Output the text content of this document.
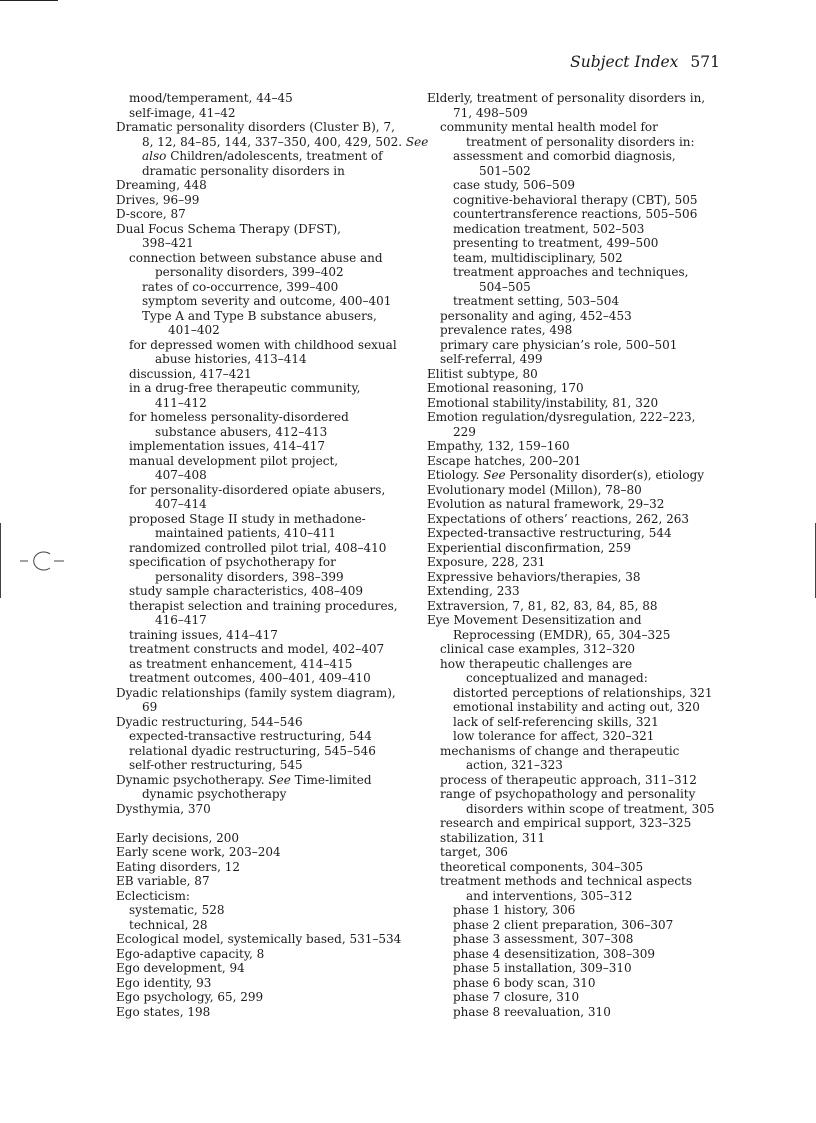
Subject Index 571
mood/temperament, 44–45
self-image, 41–42
Dramatic personality disorders (Cluster B), 7,
8, 12, 84–85, 144, 337–350, 400, 429, 502. See
also Children/adolescents, treatment of
dramatic personality disorders in
Dreaming, 448
Drives, 96–99
D-score, 87
Dual Focus Schema Therapy (DFST),
398–421
connection between substance abuse and
personality disorders, 399–402
rates of co-occurrence, 399–400
symptom severity and outcome, 400–401
Type A and Type B substance abusers,
401–402
for depressed women with childhood sexual
abuse histories, 413–414
discussion, 417–421
in a drug-free therapeutic community,
411–412
for homeless personality-disordered
substance abusers, 412–413
implementation issues, 414–417
manual development pilot project,
407–408
for personality-disordered opiate abusers,
407–414
proposed Stage II study in methadone-
maintained patients, 410–411
randomized controlled pilot trial, 408–410
specification of psychotherapy for
personality disorders, 398–399
study sample characteristics, 408–409
therapist selection and training procedures,
416–417
training issues, 414–417
treatment constructs and model, 402–407
as treatment enhancement, 414–415
treatment outcomes, 400–401, 409–410
Dyadic relationships (family system diagram),
69
Dyadic restructuring, 544–546
expected-transactive restructuring, 544
relational dyadic restructuring, 545–546
self-other restructuring, 545
Dynamic psychotherapy. See Time-limited
dynamic psychotherapy
Dysthymia, 370
Early decisions, 200
Early scene work, 203–204
Eating disorders, 12
EB variable, 87
Eclecticism:
systematic, 528
technical, 28
Ecological model, systemically based, 531–534
Ego-adaptive capacity, 8
Ego development, 94
Ego identity, 93
Ego psychology, 65, 299
Ego states, 198
Elderly, treatment of personality disorders in,
71, 498–509
community mental health model for
treatment of personality disorders in:
assessment and comorbid diagnosis,
501–502
case study, 506–509
cognitive-behavioral therapy (CBT), 505
countertransference reactions, 505–506
medication treatment, 502–503
presenting to treatment, 499–500
team, multidisciplinary, 502
treatment approaches and techniques,
504–505
treatment setting, 503–504
personality and aging, 452–453
prevalence rates, 498
primary care physician’s role, 500–501
self-referral, 499
Elitist subtype, 80
Emotional reasoning, 170
Emotional stability/instability, 81, 320
Emotion regulation/dysregulation, 222–223,
229
Empathy, 132, 159–160
Escape hatches, 200–201
Etiology. See Personality disorder(s), etiology
Evolutionary model (Millon), 78–80
Evolution as natural framework, 29–32
Expectations of others’ reactions, 262, 263
Expected-transactive restructuring, 544
Experiential disconfirmation, 259
Exposure, 228, 231
Expressive behaviors/therapies, 38
Extending, 233
Extraversion, 7, 81, 82, 83, 84, 85, 88
Eye Movement Desensitization and
Reprocessing (EMDR), 65, 304–325
clinical case examples, 312–320
how therapeutic challenges are
conceptualized and managed:
distorted perceptions of relationships, 321
emotional instability and acting out, 320
lack of self-referencing skills, 321
low tolerance for affect, 320–321
mechanisms of change and therapeutic
action, 321–323
process of therapeutic approach, 311–312
range of psychopathology and personality
disorders within scope of treatment, 305
research and empirical support, 323–325
stabilization, 311
target, 306
theoretical components, 304–305
treatment methods and technical aspects
and interventions, 305–312
phase 1 history, 306
phase 2 client preparation, 306–307
phase 3 assessment, 307–308
phase 4 desensitization, 308–309
phase 5 installation, 309–310
phase 6 body scan, 310
phase 7 closure, 310
phase 8 reevaluation, 310
